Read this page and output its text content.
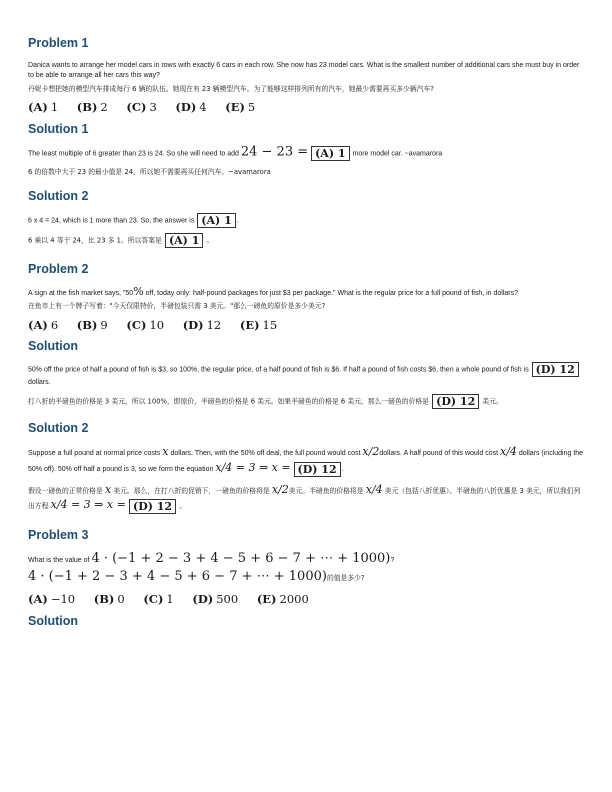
Problem 1

Danica wants to arrange her model cars in rows with exactly 6 cars in each row. She now has 23 model cars. What is the smallest number of additional cars she must buy in order to be able to arrange all her cars this way?

丹妮卡想把她的模型汽车排成每行 6 辆的队伍。她现在有 23 辆模型汽车。为了能够这样排列所有的汽车，她最少需要再买多少辆汽车?

(A) 1 (B) 2 (C) 3 (D) 4 (E) 5

Solution 1

The least multiple of 6 greater than 23 is 24. So she will need to add 24 − 23 = (A) 1 more model car. ~avamarora

6 的倍数中大于 23 的最小值是 24。所以她不需要再买任何汽车。~avamarora

Solution 2

6 x 4 = 24, which is 1 more than 23. So, the answer is (A) 1 .

6 乘以 4 等于 24，比 23 多 1。所以答案是 (A) 1 。

Problem 2

A sign at the fish market says, "50% off, today only: half-pound packages for just $3 per package." What is the regular price for a full pound of fish, in dollars?

在鱼市上有一个牌子写着："今天仅限特价，半磅包装只需 3 美元。"那么一磅鱼的原价是多少美元?

(A) 6 (B) 9 (C) 10 (D) 12 (E) 15

Solution

50% off the price of half a pound of fish is $3, so 100%, the regular price, of a half pound of fish is $6. If half a pound of fish costs $6, then a whole pound of fish is (D) 12 dollars.

打八折的半磅鱼的价格是 3 美元，所以 100%，即原价，半磅鱼的价格是 6 美元。如果半磅鱼的价格是 6 美元，那么一磅鱼的价格是 (D) 12 美元。

Solution 2

Suppose a full pound at normal price costs x dollars. Then, with the 50% off deal, the full pound would cost x/2dollars. A half pound of this would cost x/4 dollars (including the 50% off). 50% off half a pound is 3, so we form the equation x/4 = 3 ⇒ x = (D) 12 .

假设一磅鱼的正常价格是 x 美元。那么，在打八折的促销下，一磅鱼的价格将是 x/2美元。半磅鱼的价格将是 x/4 美元（包括八折优惠）。半磅鱼的八折优惠是 3 美元，所以我们列出方程 x/4 = 3 ⇒ x = (D) 12 。

Problem 3

What is the value of 4 · (−1 + 2 − 3 + 4 − 5 + 6 − 7 + ⋯ + 1000)?

4 · (−1 + 2 − 3 + 4 − 5 + 6 − 7 + ⋯ + 1000)的值是多少?

(A) −10 (B) 0 (C) 1 (D) 500 (E) 2000

Solution
